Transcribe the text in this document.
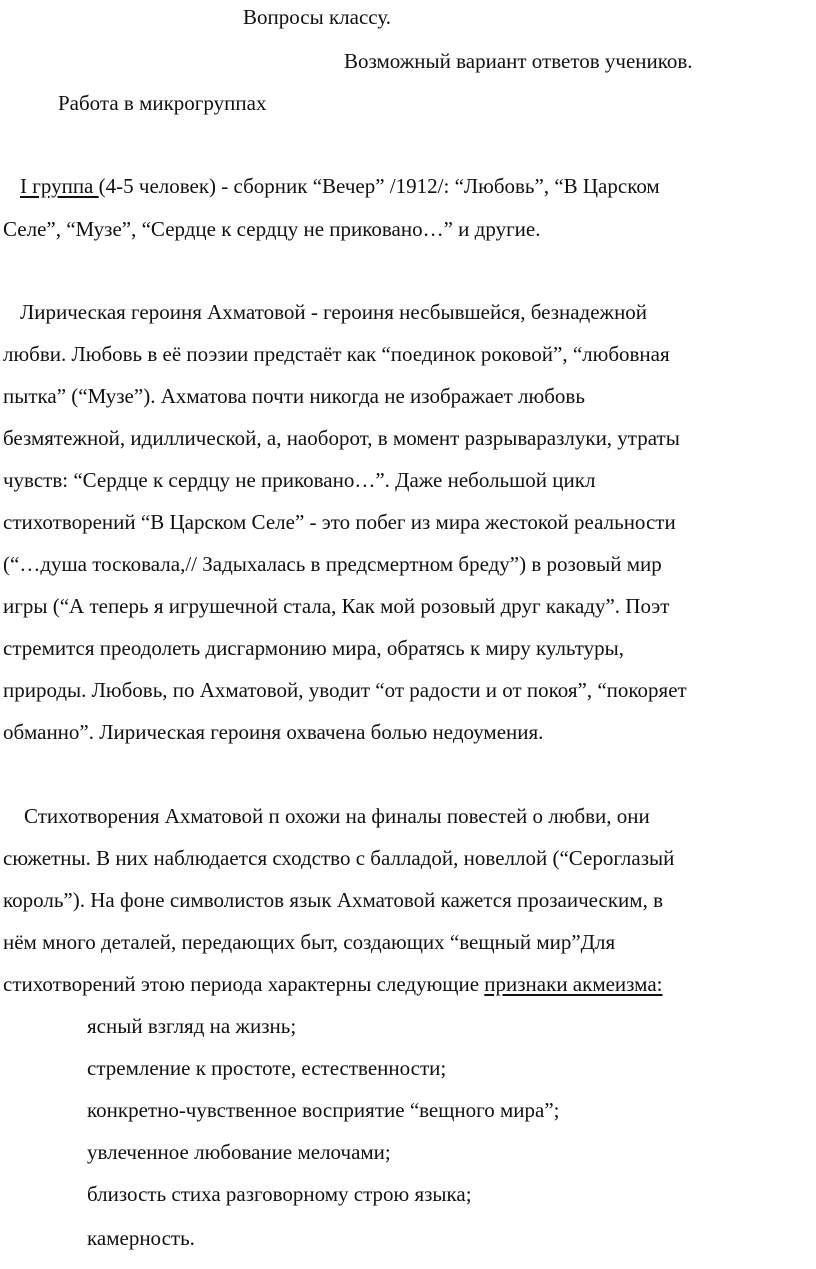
Вопросы классу.
Возможный вариант ответов учеников.
Работа в микрогруппах
I группа (4-5 человек) - сборник “Вечер” /1912/: “Любовь”, “В Царском
Селе”, “Музе”, “Сердце к сердцу не приковано…” и другие.
Лирическая героиня Ахматовой - героиня несбывшейся, безнадежной
любви. Любовь в её поэзии предстаёт как “поединок роковой”, “любовная
пытка” (“Музе”). Ахматова почти никогда не изображает любовь
безмятежной, идиллической, а, наоборот, в момент разрываразлуки, утраты
чувств: “Сердце к сердцу не приковано…”. Даже небольшой цикл
стихотворений “В Царском Селе” - это побег из мира жестокой реальности
(“…душа тосковала,// Задыхалась в предсмертном бреду”) в розовый мир
игры (“А теперь я игрушечной стала, Как мой розовый друг какаду”. Поэт
стремится преодолеть дисгармонию мира, обратясь к миру культуры,
природы. Любовь, по Ахматовой, уводит “от радости и от покоя”, “покоряет
обманно”. Лирическая героиня охвачена болью недоумения.
Стихотворения Ахматовой п охожи на финалы повестей о любви, они
сюжетны. В них наблюдается сходство с балладой, новеллой (“Сероглазый
король”). На фоне символистов язык Ахматовой кажется прозаическим, в
нём много деталей, передающих быт, создающих “вещный мир”Для
стихотворений этою периода характерны следующие признаки акмеизма:
ясный взгляд на жизнь;
стремление к простоте, естественности;
конкретно-чувственное восприятие “вещного мира”;
увлеченное любование мелочами;
близость стиха разговорному строю языка;
камерность.
